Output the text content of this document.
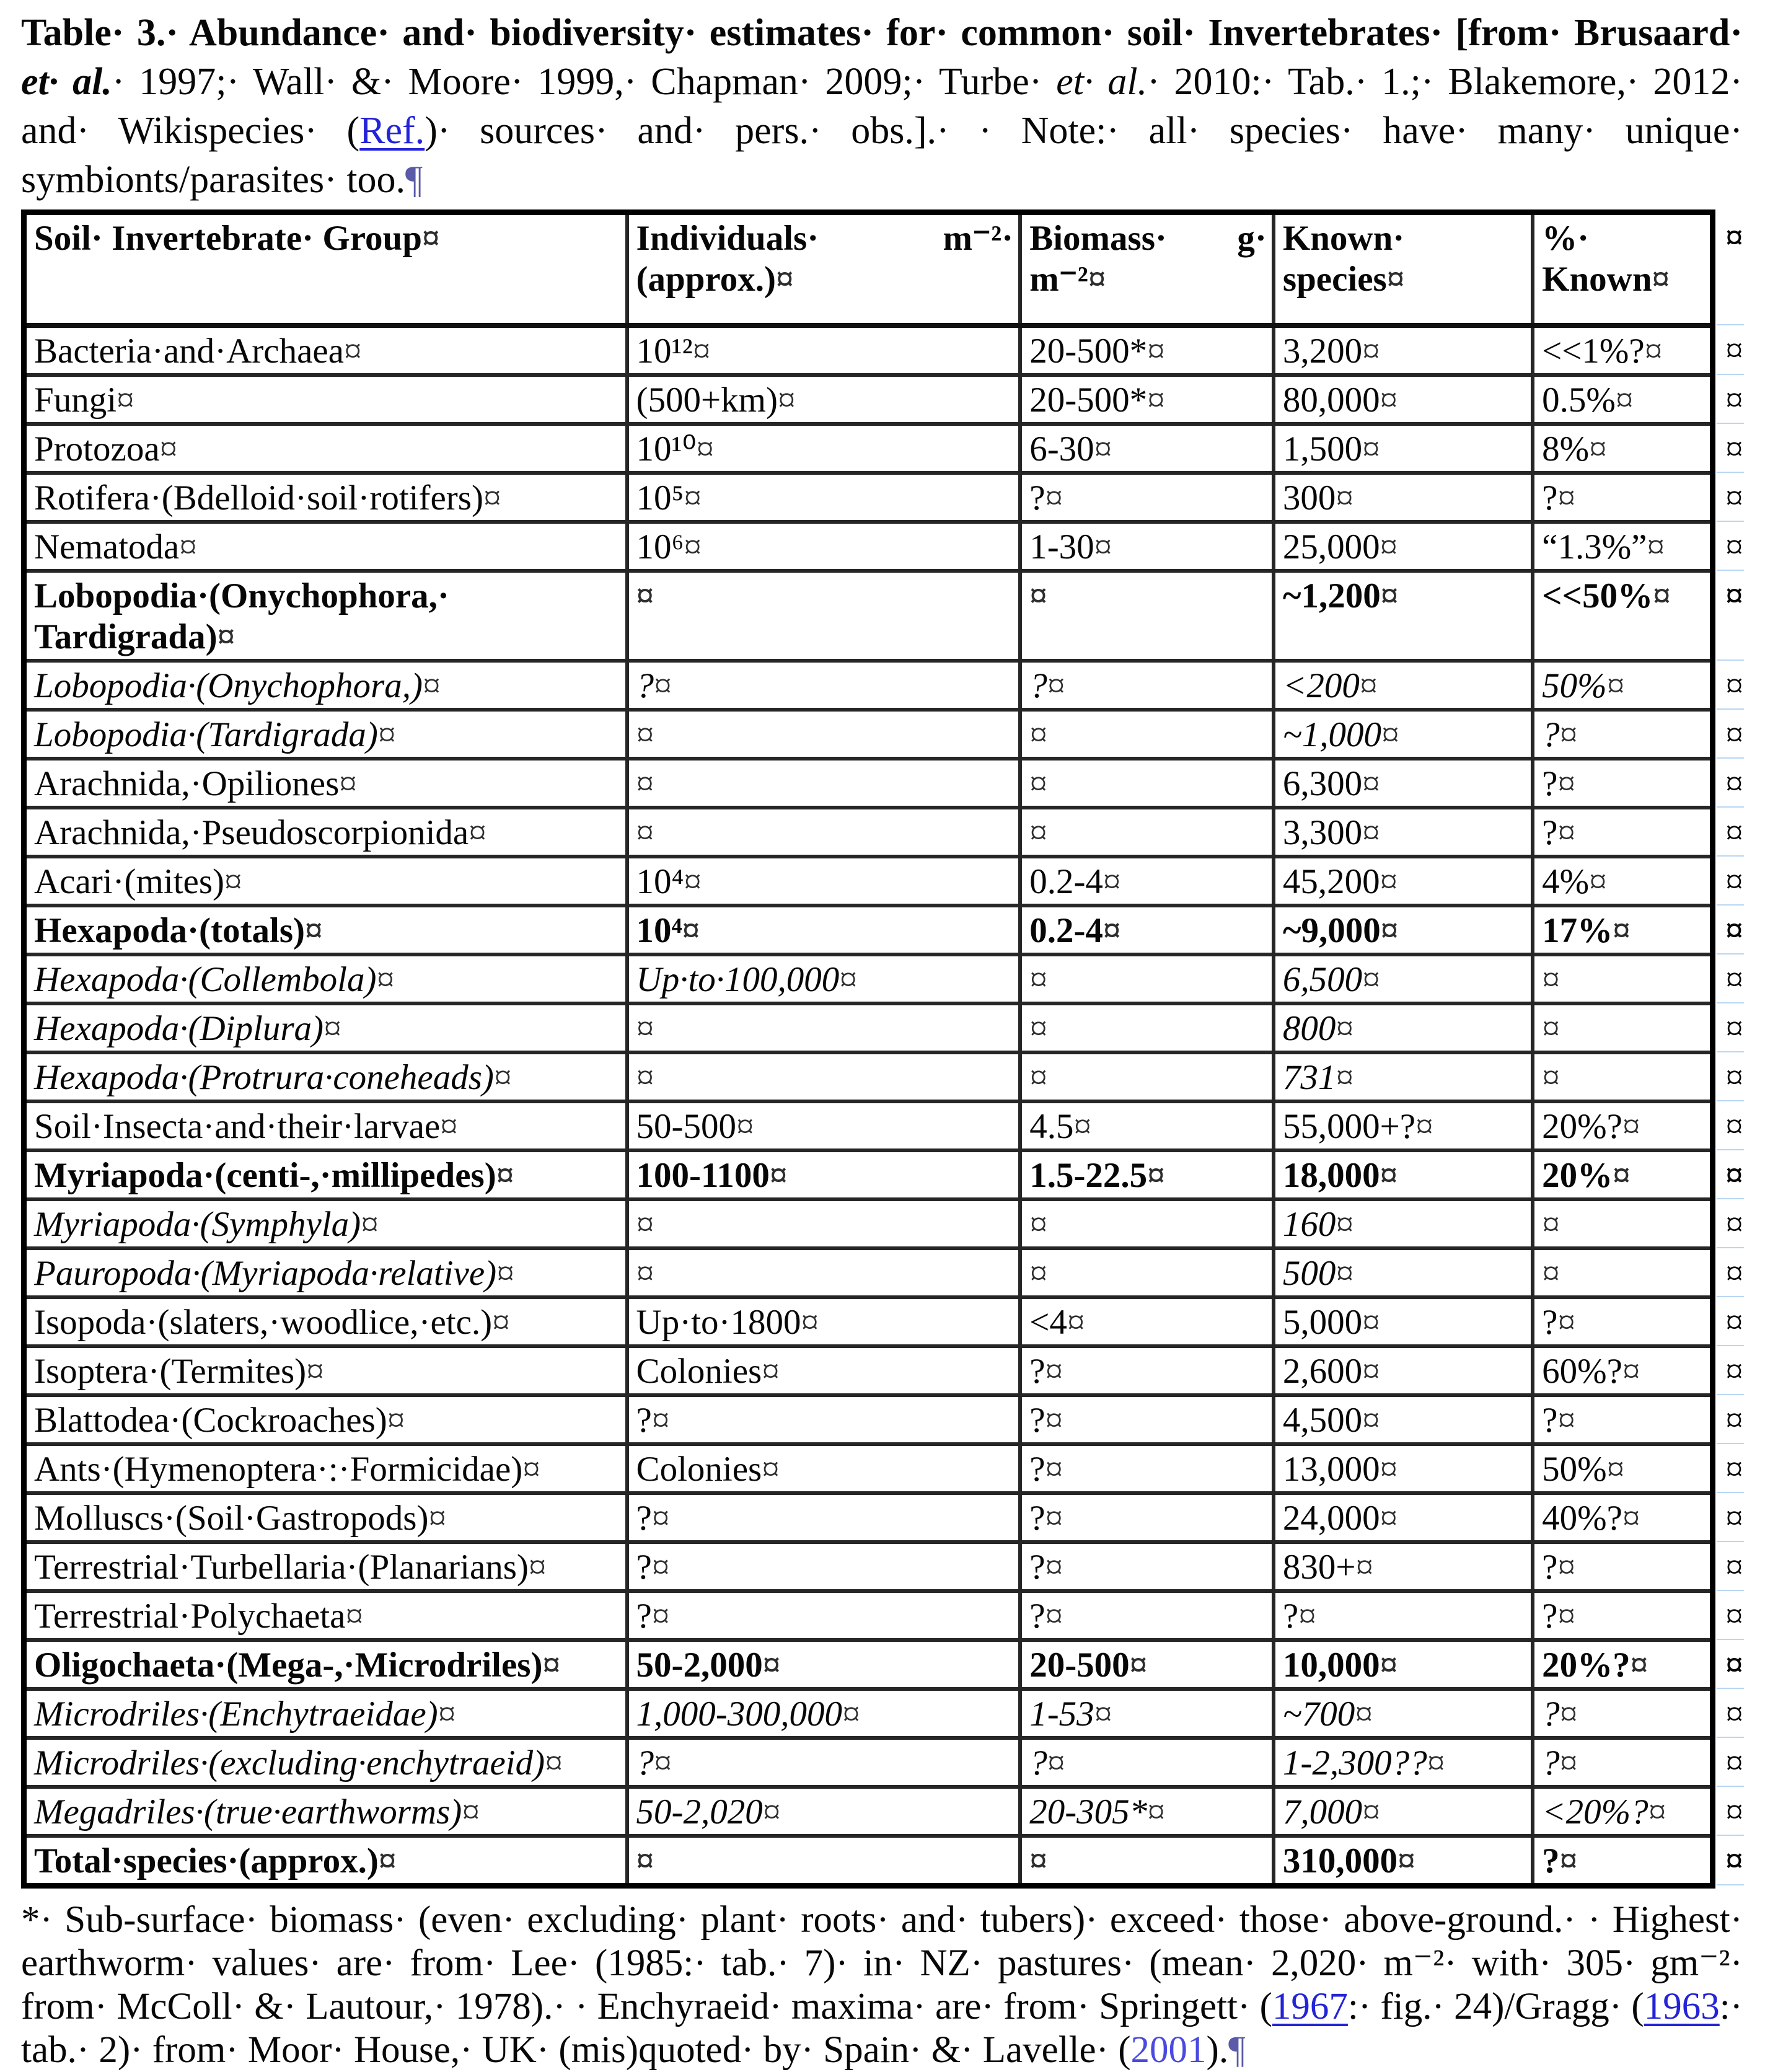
Table· 3.· Abundance· and· biodiversity· estimates· for· common· soil· Invertebrates· [from· Brusaard· et· al.· 1997;· Wall· &· Moore· 1999,· Chapman· 2009;· Turbe· et· al.· 2010:· Tab.· 1.;· Blakemore,· 2012· and· Wikispecies· (Ref.)· sources· and· pers.· obs.].· · Note:· all· species· have· many· unique· symbionts/parasites· too.¶
Soil· Invertebrate· Group¤	Individuals· m⁻²· (approx.)¤	Biomass· g· m⁻²¤	Known· species¤	%· Known¤	¤

Bacteria·​and·​Archaea¤	10¹²¤	20-500*¤	3,200¤	<<1%?¤	¤

Fungi¤	(500+km)¤	20-500*¤	80,000¤	0.5%¤	¤

Protozoa¤	10¹⁰¤	6-30¤	1,500¤	8%¤	¤

Rotifera·​(Bdelloid·​soil·​rotifers)¤	10⁵¤	?¤	300¤	?¤	¤

Nematoda¤	10⁶¤	1-30¤	25,000¤	“1.3%”¤	¤

Lobopodia·​(Onychophora,·​Tardigrada)¤	¤	¤	~1,200¤	<<50%¤	¤

Lobopodia·​(Onychophora,)¤	?¤	?¤	<200¤	50%¤	¤

Lobopodia·​(Tardigrada)¤	¤	¤	~1,000¤	?¤	¤

Arachnida,·​Opiliones¤	¤	¤	6,300¤	?¤	¤

Arachnida,·​Pseudoscorpionida¤	¤	¤	3,300¤	?¤	¤

Acari·​(mites)¤	10⁴¤	0.2-4¤	45,200¤	4%¤	¤

Hexapoda·​(totals)¤	10⁴¤	0.2-4¤	~9,000¤	17%¤	¤

Hexapoda·​(Collembola)¤	Up·​to·​100,000¤	¤	6,500¤	¤	¤

Hexapoda·​(Diplura)¤	¤	¤	800¤	¤	¤

Hexapoda·​(Protrura·​coneheads)¤	¤	¤	731¤	¤	¤

Soil·​Insecta·​and·​their·​larvae¤	50-500¤	4.5¤	55,000+?¤	20%?¤	¤

Myriapoda·​(centi-,·​millipedes)¤	100-1100¤	1.5-22.5¤	18,000¤	20%¤	¤

Myriapoda·​(Symphyla)¤	¤	¤	160¤	¤	¤

Pauropoda·​(Myriapoda·​relative)¤	¤	¤	500¤	¤	¤

Isopoda·​(slaters,·​woodlice,·​etc.)¤	Up·​to·​1800¤	<4¤	5,000¤	?¤	¤

Isoptera·​(Termites)¤	Colonies¤	?¤	2,600¤	60%?¤	¤

Blattodea·​(Cockroaches)¤	?¤	?¤	4,500¤	?¤	¤

Ants·​(Hymenoptera·​:·​Formicidae)¤	Colonies¤	?¤	13,000¤	50%¤	¤

Molluscs·​(Soil·​Gastropods)¤	?¤	?¤	24,000¤	40%?¤	¤

Terrestrial·​Turbellaria·​(Planarians)¤	?¤	?¤	830+¤	?¤	¤

Terrestrial·​Polychaeta¤	?¤	?¤	?¤	?¤	¤

Oligochaeta·​(Mega-,·​Microdriles)¤	50-2,000¤	20-500¤	10,000¤	20%?¤	¤

Microdriles·​(Enchytraeidae)¤	1,000-300,000¤	1-53¤	~700¤	?¤	¤

Microdriles·​(excluding·​enchytraeid)¤	?¤	?¤	1-2,300??¤	?¤	¤

Megadriles·​(true·​earthworms)¤	50-2,020¤	20-305*¤	7,000¤	<20%?¤	¤

Total·​species·​(approx.)¤	¤	¤	310,000¤	?¤	¤
*· Sub-surface· biomass· (even· excluding· plant· roots· and· tubers)· exceed· those· above-ground.· · Highest· earthworm· values· are· from· Lee· (1985:· tab.· 7)· in· NZ· pastures· (mean· 2,020· m⁻²· with· 305· gm⁻²· from· McColl· &· Lautour,· 1978).· · Enchyraeid· maxima· are· from· Springett· (1967:· fig.· 24)/Gragg· (1963:· tab.· 2)· from· Moor· House,· UK· (mis)quoted· by· Spain· &· Lavelle· (2001).¶
